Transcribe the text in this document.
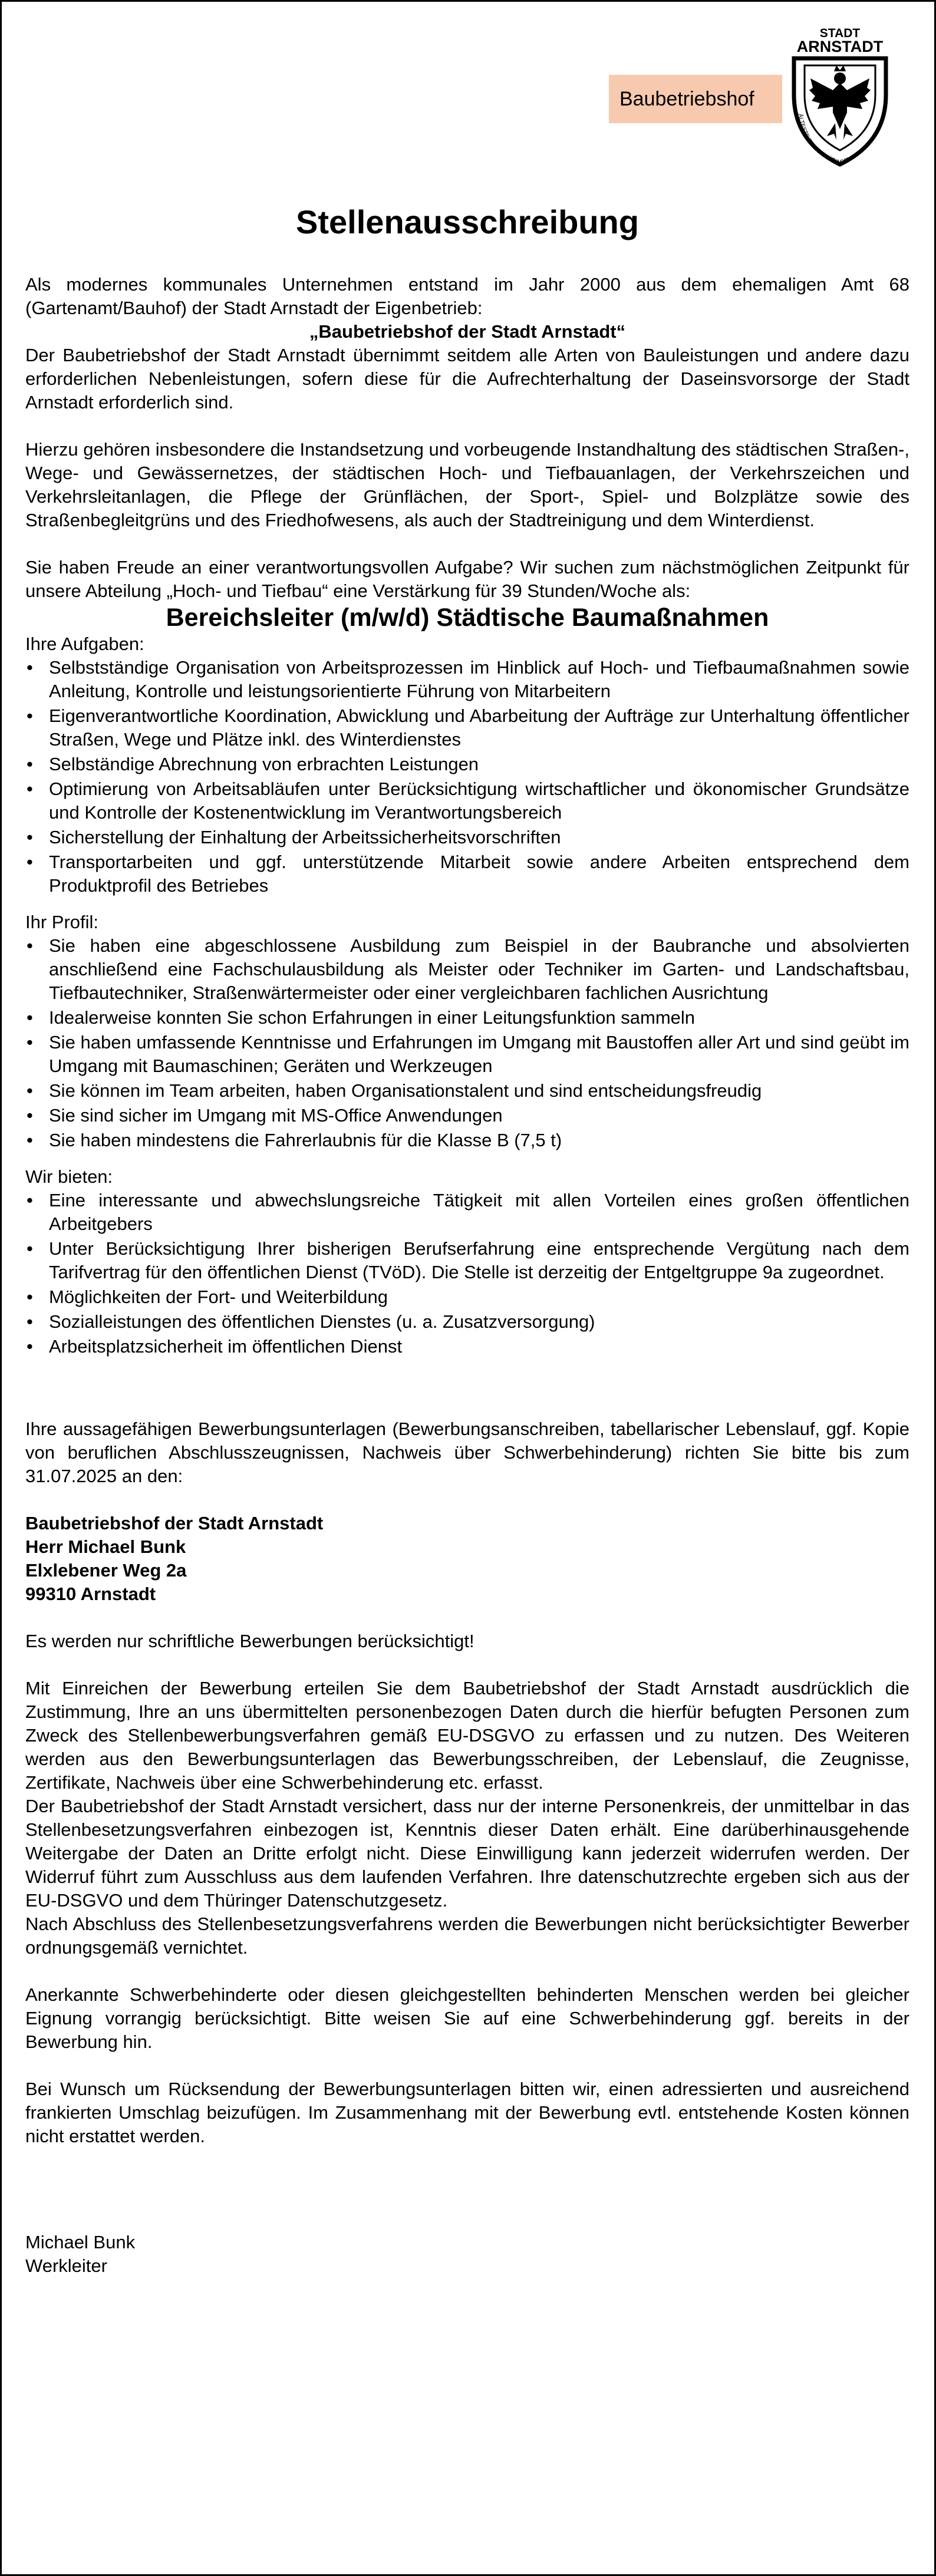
Baubetriebshof
STADT
ARNSTADT
ÄLTESTE STADT THÜRINGENS
Stellenausschreibung

Als modernes kommunales Unternehmen entstand im Jahr 2000 aus dem ehemaligen Amt 68 (Gartenamt/Bauhof) der Stadt Arnstadt der Eigenbetrieb:

„Baubetriebshof der Stadt Arnstadt“

Der Baubetriebshof der Stadt Arnstadt übernimmt seitdem alle Arten von Bauleistungen und andere dazu erforderlichen Nebenleistungen, sofern diese für die Aufrechterhaltung der Daseinsvorsorge der Stadt Arnstadt erforderlich sind.

Hierzu gehören insbesondere die Instandsetzung und vorbeugende Instandhaltung des städtischen Straßen-, Wege- und Gewässernetzes, der städtischen Hoch- und Tiefbauanlagen, der Verkehrszeichen und Verkehrsleitanlagen, die Pflege der Grünflächen, der Sport-, Spiel- und Bolzplätze sowie des Straßenbegleitgrüns und des Friedhofwesens, als auch der Stadtreinigung und dem Winterdienst.

Sie haben Freude an einer verantwortungsvollen Aufgabe? Wir suchen zum nächstmöglichen Zeitpunkt für unsere Abteilung „Hoch- und Tiefbau“ eine Verstärkung für 39 Stunden/Woche als:

Bereichsleiter (m/w/d) Städtische Baumaßnahmen

Ihre Aufgaben:

• Selbstständige Organisation von Arbeitsprozessen im Hinblick auf Hoch- und Tiefbaumaßnahmen sowie Anleitung, Kontrolle und leistungsorientierte Führung von Mitarbeitern
• Eigenverantwortliche Koordination, Abwicklung und Abarbeitung der Aufträge zur Unterhaltung öffentlicher Straßen, Wege und Plätze inkl. des Winterdienstes
• Selbständige Abrechnung von erbrachten Leistungen
• Optimierung von Arbeitsabläufen unter Berücksichtigung wirtschaftlicher und ökonomischer Grundsätze und Kontrolle der Kostenentwicklung im Verantwortungsbereich
• Sicherstellung der Einhaltung der Arbeitssicherheitsvorschriften
• Transportarbeiten und ggf. unterstützende Mitarbeit sowie andere Arbeiten entsprechend dem Produktprofil des Betriebes

Ihr Profil:

• Sie haben eine abgeschlossene Ausbildung zum Beispiel in der Baubranche und absolvierten anschließend eine Fachschulausbildung als Meister oder Techniker im Garten- und Landschaftsbau, Tiefbautechniker, Straßenwärtermeister oder einer vergleichbaren fachlichen Ausrichtung
• Idealerweise konnten Sie schon Erfahrungen in einer Leitungsfunktion sammeln
• Sie haben umfassende Kenntnisse und Erfahrungen im Umgang mit Baustoffen aller Art und sind geübt im Umgang mit Baumaschinen; Geräten und Werkzeugen
• Sie können im Team arbeiten, haben Organisationstalent und sind entscheidungsfreudig
• Sie sind sicher im Umgang mit MS-Office Anwendungen
• Sie haben mindestens die Fahrerlaubnis für die Klasse B (7,5 t)

Wir bieten:

• Eine interessante und abwechslungsreiche Tätigkeit mit allen Vorteilen eines großen öffentlichen Arbeitgebers
• Unter Berücksichtigung Ihrer bisherigen Berufserfahrung eine entsprechende Vergütung nach dem Tarifvertrag für den öffentlichen Dienst (TVöD). Die Stelle ist derzeitig der Entgeltgruppe 9a zugeordnet.
• Möglichkeiten der Fort- und Weiterbildung
• Sozialleistungen des öffentlichen Dienstes (u. a. Zusatzversorgung)
• Arbeitsplatzsicherheit im öffentlichen Dienst

Ihre aussagefähigen Bewerbungsunterlagen (Bewerbungsanschreiben, tabellarischer Lebenslauf, ggf. Kopie von beruflichen Abschlusszeugnissen, Nachweis über Schwerbehinderung) richten Sie bitte bis zum 31.07.2025 an den:

Baubetriebshof der Stadt Arnstadt

Herr Michael Bunk

Elxlebener Weg 2a

99310 Arnstadt

Es werden nur schriftliche Bewerbungen berücksichtigt!

Mit Einreichen der Bewerbung erteilen Sie dem Baubetriebshof der Stadt Arnstadt ausdrücklich die Zustimmung, Ihre an uns übermittelten personenbezogen Daten durch die hierfür befugten Personen zum Zweck des Stellenbewerbungsverfahren gemäß EU-DSGVO zu erfassen und zu nutzen. Des Weiteren werden aus den Bewerbungsunterlagen das Bewerbungsschreiben, der Lebenslauf, die Zeugnisse, Zertifikate, Nachweis über eine Schwerbehinderung etc. erfasst.

Der Baubetriebshof der Stadt Arnstadt versichert, dass nur der interne Personenkreis, der unmittelbar in das Stellenbesetzungsverfahren einbezogen ist, Kenntnis dieser Daten erhält. Eine darüberhinausgehende Weitergabe der Daten an Dritte erfolgt nicht. Diese Einwilligung kann jederzeit widerrufen werden. Der Widerruf führt zum Ausschluss aus dem laufenden Verfahren. Ihre datenschutzrechte ergeben sich aus der EU-DSGVO und dem Thüringer Datenschutzgesetz.

Nach Abschluss des Stellenbesetzungsverfahrens werden die Bewerbungen nicht berücksichtigter Bewerber ordnungsgemäß vernichtet.

Anerkannte Schwerbehinderte oder diesen gleichgestellten behinderten Menschen werden bei gleicher Eignung vorrangig berücksichtigt. Bitte weisen Sie auf eine Schwerbehinderung ggf. bereits in der Bewerbung hin.

Bei Wunsch um Rücksendung der Bewerbungsunterlagen bitten wir, einen adressierten und ausreichend frankierten Umschlag beizufügen. Im Zusammenhang mit der Bewerbung evtl. entstehende Kosten können nicht erstattet werden.

Michael Bunk

Werkleiter
